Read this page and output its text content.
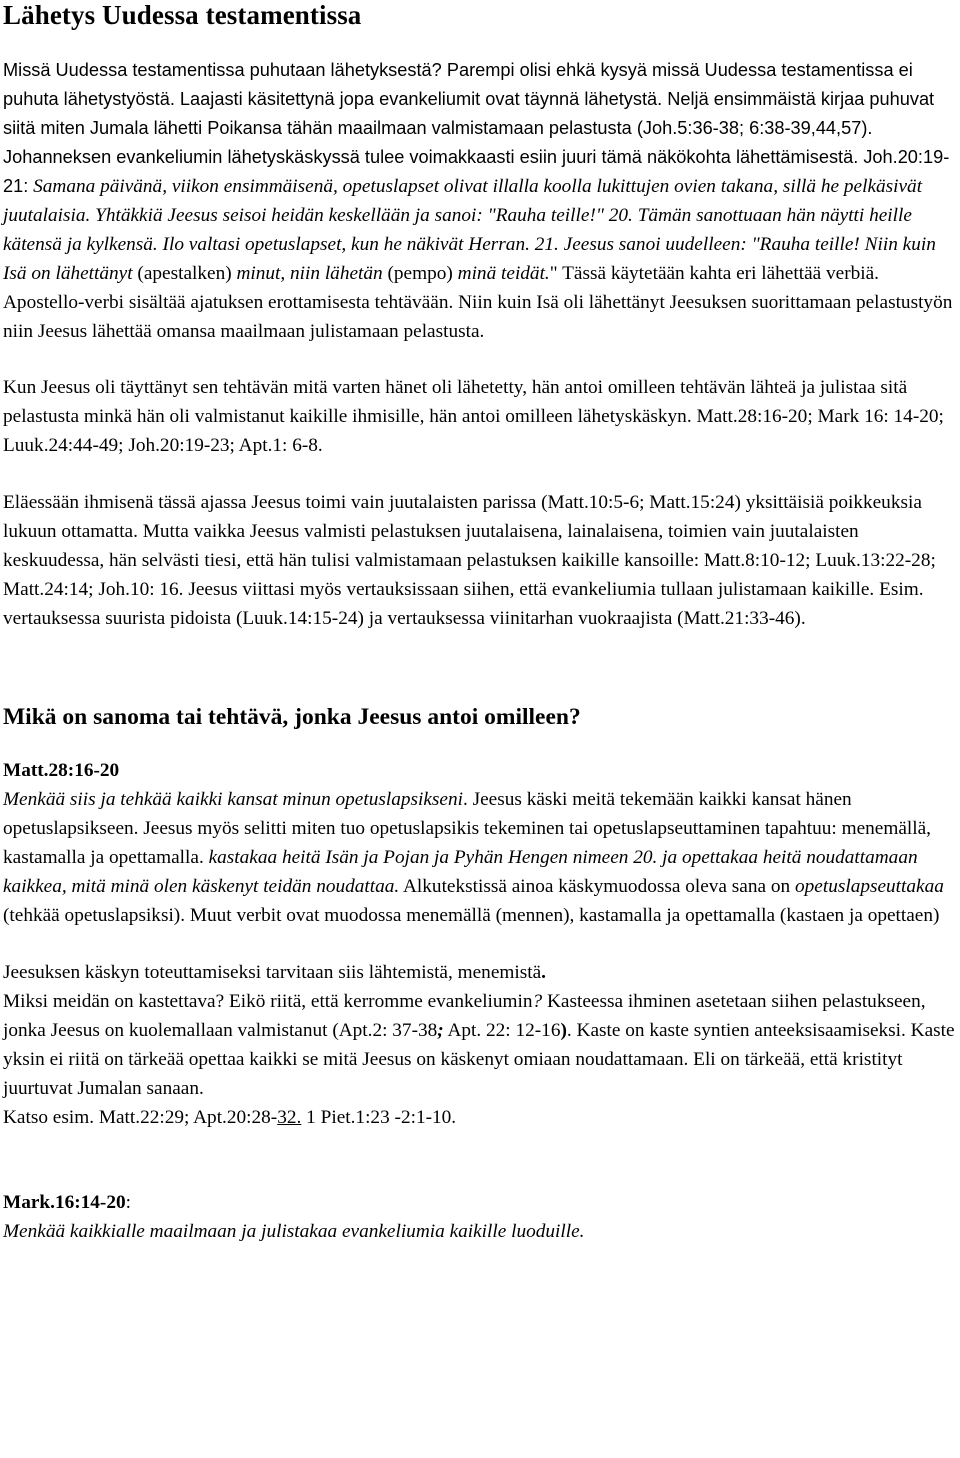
Lähetys Uudessa testamentissa

Missä Uudessa testamentissa puhutaan lähetyksestä? Parempi olisi ehkä kysyä missä Uudessa testamentissa ei puhuta lähetystyöstä. Laajasti käsitettynä jopa evankeliumit ovat täynnä lähetystä. Neljä ensimmäistä kirjaa puhuvat siitä miten Jumala lähetti Poikansa tähän maailmaan valmistamaan pelastusta (Joh.5:36-38; 6:38-39,44,57). Johanneksen evankeliumin lähetyskäskyssä tulee voimakkaasti esiin juuri tämä näkökohta lähettämisestä. Joh.20:19-21: Samana päivänä, viikon ensimmäisenä, opetuslapset olivat illalla koolla lukittujen ovien takana, sillä he pelkäsivät juutalaisia. Yhtäkkiä Jeesus seisoi heidän keskellään ja sanoi: "Rauha teille!" 20. Tämän sanottuaan hän näytti heille kätensä ja kylkensä. Ilo valtasi opetuslapset, kun he näkivät Herran. 21. Jeesus sanoi uudelleen: "Rauha teille! Niin kuin Isä on lähettänyt (apestalken) minut, niin lähetän (pempo) minä teidät." Tässä käytetään kahta eri lähettää verbiä. Apostello-verbi sisältää ajatuksen erottamisesta tehtävään. Niin kuin Isä oli lähettänyt Jeesuksen suorittamaan pelastustyön niin Jeesus lähettää omansa maailmaan julistamaan pelastusta.

Kun Jeesus oli täyttänyt sen tehtävän mitä varten hänet oli lähetetty, hän antoi omilleen tehtävän lähteä ja julistaa sitä pelastusta minkä hän oli valmistanut kaikille ihmisille, hän antoi omilleen lähetyskäskyn. Matt.28:16-20; Mark 16: 14-20; Luuk.24:44-49; Joh.20:19-23; Apt.1: 6-8.

Eläessään ihmisenä tässä ajassa Jeesus toimi vain juutalaisten parissa (Matt.10:5-6; Matt.15:24) yksittäisiä poikkeuksia lukuun ottamatta. Mutta vaikka Jeesus valmisti pelastuksen juutalaisena, lainalaisena, toimien vain juutalaisten keskuudessa, hän selvästi tiesi, että hän tulisi valmistamaan pelastuksen kaikille kansoille: Matt.8:10-12; Luuk.13:22-28; Matt.24:14; Joh.10: 16. Jeesus viittasi myös vertauksissaan siihen, että evankeliumia tullaan julistamaan kaikille. Esim. vertauksessa suurista pidoista (Luuk.14:15-24) ja vertauksessa viinitarhan vuokraajista (Matt.21:33-46).

Mikä on sanoma tai tehtävä, jonka Jeesus antoi omilleen?

Matt.28:16-20

Menkää siis ja tehkää kaikki kansat minun opetuslapsikseni. Jeesus käski meitä tekemään kaikki kansat hänen opetuslapsikseen. Jeesus myös selitti miten tuo opetuslapsikis tekeminen tai opetuslapseuttaminen tapahtuu: menemällä, kastamalla ja opettamalla. kastakaa heitä Isän ja Pojan ja Pyhän Hengen nimeen 20. ja opettakaa heitä noudattamaan kaikkea, mitä minä olen käskenyt teidän noudattaa. Alkutekstissä ainoa käskymuodossa oleva sana on opetuslapseuttakaa (tehkää opetuslapsiksi). Muut verbit ovat muodossa menemällä (mennen), kastamalla ja opettamalla (kastaen ja opettaen)

Jeesuksen käskyn toteuttamiseksi tarvitaan siis lähtemistä, menemistä.
Miksi meidän on kastettava? Eikö riitä, että kerromme evankeliumin? Kasteessa ihminen asetetaan siihen pelastukseen, jonka Jeesus on kuolemallaan valmistanut (Apt.2: 37-38; Apt. 22: 12-16). Kaste on kaste syntien anteeksisaamiseksi. Kaste yksin ei riitä on tärkeää opettaa kaikki se mitä Jeesus on käskenyt omiaan noudattamaan. Eli on tärkeää, että kristityt juurtuvat Jumalan sanaan.
Katso esim. Matt.22:29; Apt.20:28-32. 1 Piet.1:23 -2:1-10.

Mark.16:14-20:

Menkää kaikkialle maailmaan ja julistakaa evankeliumia kaikille luoduille.
